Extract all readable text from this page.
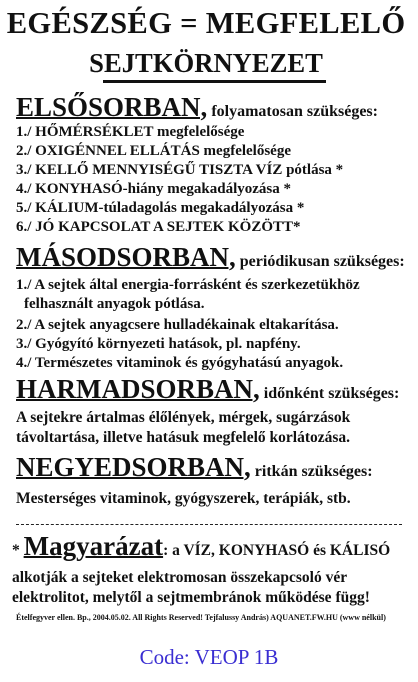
EGÉSZSÉG = MEGFELELŐ
SEJTKÖRNYEZET
ELSŐSORBAN, folyamatosan szükséges:
1./ HŐMÉRSÉKLET megfelelősége
2./ OXIGÉNNEL ELLÁTÁS megfelelősége
3./ KELLŐ MENNYISÉGŰ TISZTA VÍZ pótlása *
4./ KONYHASÓ-hiány megakadályozása *
5./ KÁLIUM-túladagolás megakadályozása *
6./ JÓ KAPCSOLAT A SEJTEK KÖZÖTT*
MÁSODSORBAN, periódikusan szükséges:
1./ A sejtek által energia-forrásként és szerkezetükhöz
felhasznált anyagok pótlása.
2./ A sejtek anyagcsere hulladékainak eltakarítása.
3./ Gyógyító környezeti hatások, pl. napfény.
4./ Természetes vitaminok és gyógyhatású anyagok.
HARMADSORBAN, időnként szükséges:
A sejtekre ártalmas élőlények, mérgek, sugárzások
távoltartása, illetve hatásuk megfelelő korlátozása.
NEGYEDSORBAN, ritkán szükséges:
Mesterséges vitaminok, gyógyszerek, terápiák, stb.
* Magyarázat: a VÍZ, KONYHASÓ és KÁLISÓ
alkotják a sejteket elektromosan összekapcsoló vér
elektrolitot, melytől a sejtmembránok működése függ!
Ételfegyver ellen. Bp., 2004.05.02. All Rights Reserved! Tejfalussy András) AQUANET.FW.HU (www nélkül)
Code: VEOP 1B
